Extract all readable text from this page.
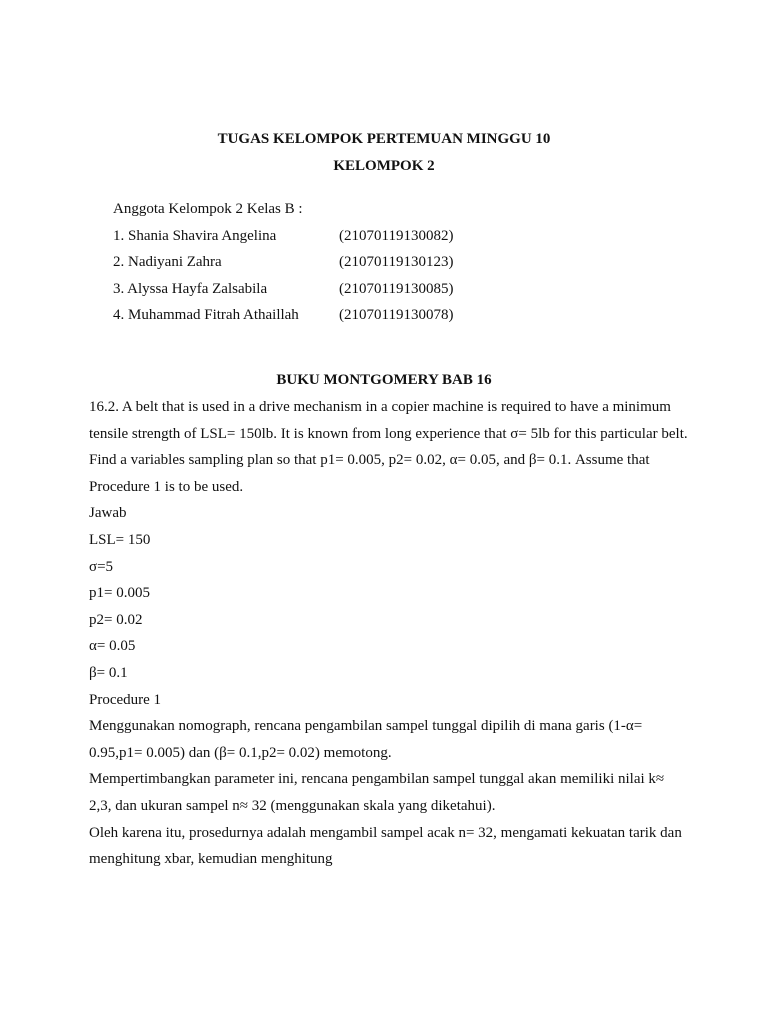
TUGAS KELOMPOK PERTEMUAN MINGGU 10
KELOMPOK 2
Anggota Kelompok 2 Kelas B :
1. Shania Shavira Angelina	(21070119130082)
2. Nadiyani Zahra	(21070119130123)
3. Alyssa Hayfa Zalsabila	(21070119130085)
4. Muhammad Fitrah Athaillah	(21070119130078)
BUKU MONTGOMERY BAB 16

16.2. A belt that is used in a drive mechanism in a copier machine is required to have a minimum tensile strength of LSL= 150lb. It is known from long experience that σ= 5lb for this particular belt. Find a variables sampling plan so that p1= 0.005, p2= 0.02, α= 0.05, and β= 0.1. Assume that Procedure 1 is to be used.

Jawab

LSL= 150

σ=5

p1= 0.005

p2= 0.02

α= 0.05

β= 0.1

Procedure 1

Menggunakan nomograph, rencana pengambilan sampel tunggal dipilih di mana garis (1-α= 0.95,p1= 0.005) dan (β= 0.1,p2= 0.02) memotong.

Mempertimbangkan parameter ini, rencana pengambilan sampel tunggal akan memiliki nilai k≈ 2,3, dan ukuran sampel n≈ 32 (menggunakan skala yang diketahui).

Oleh karena itu, prosedurnya adalah mengambil sampel acak n= 32, mengamati kekuatan tarik dan menghitung xbar, kemudian menghitung
